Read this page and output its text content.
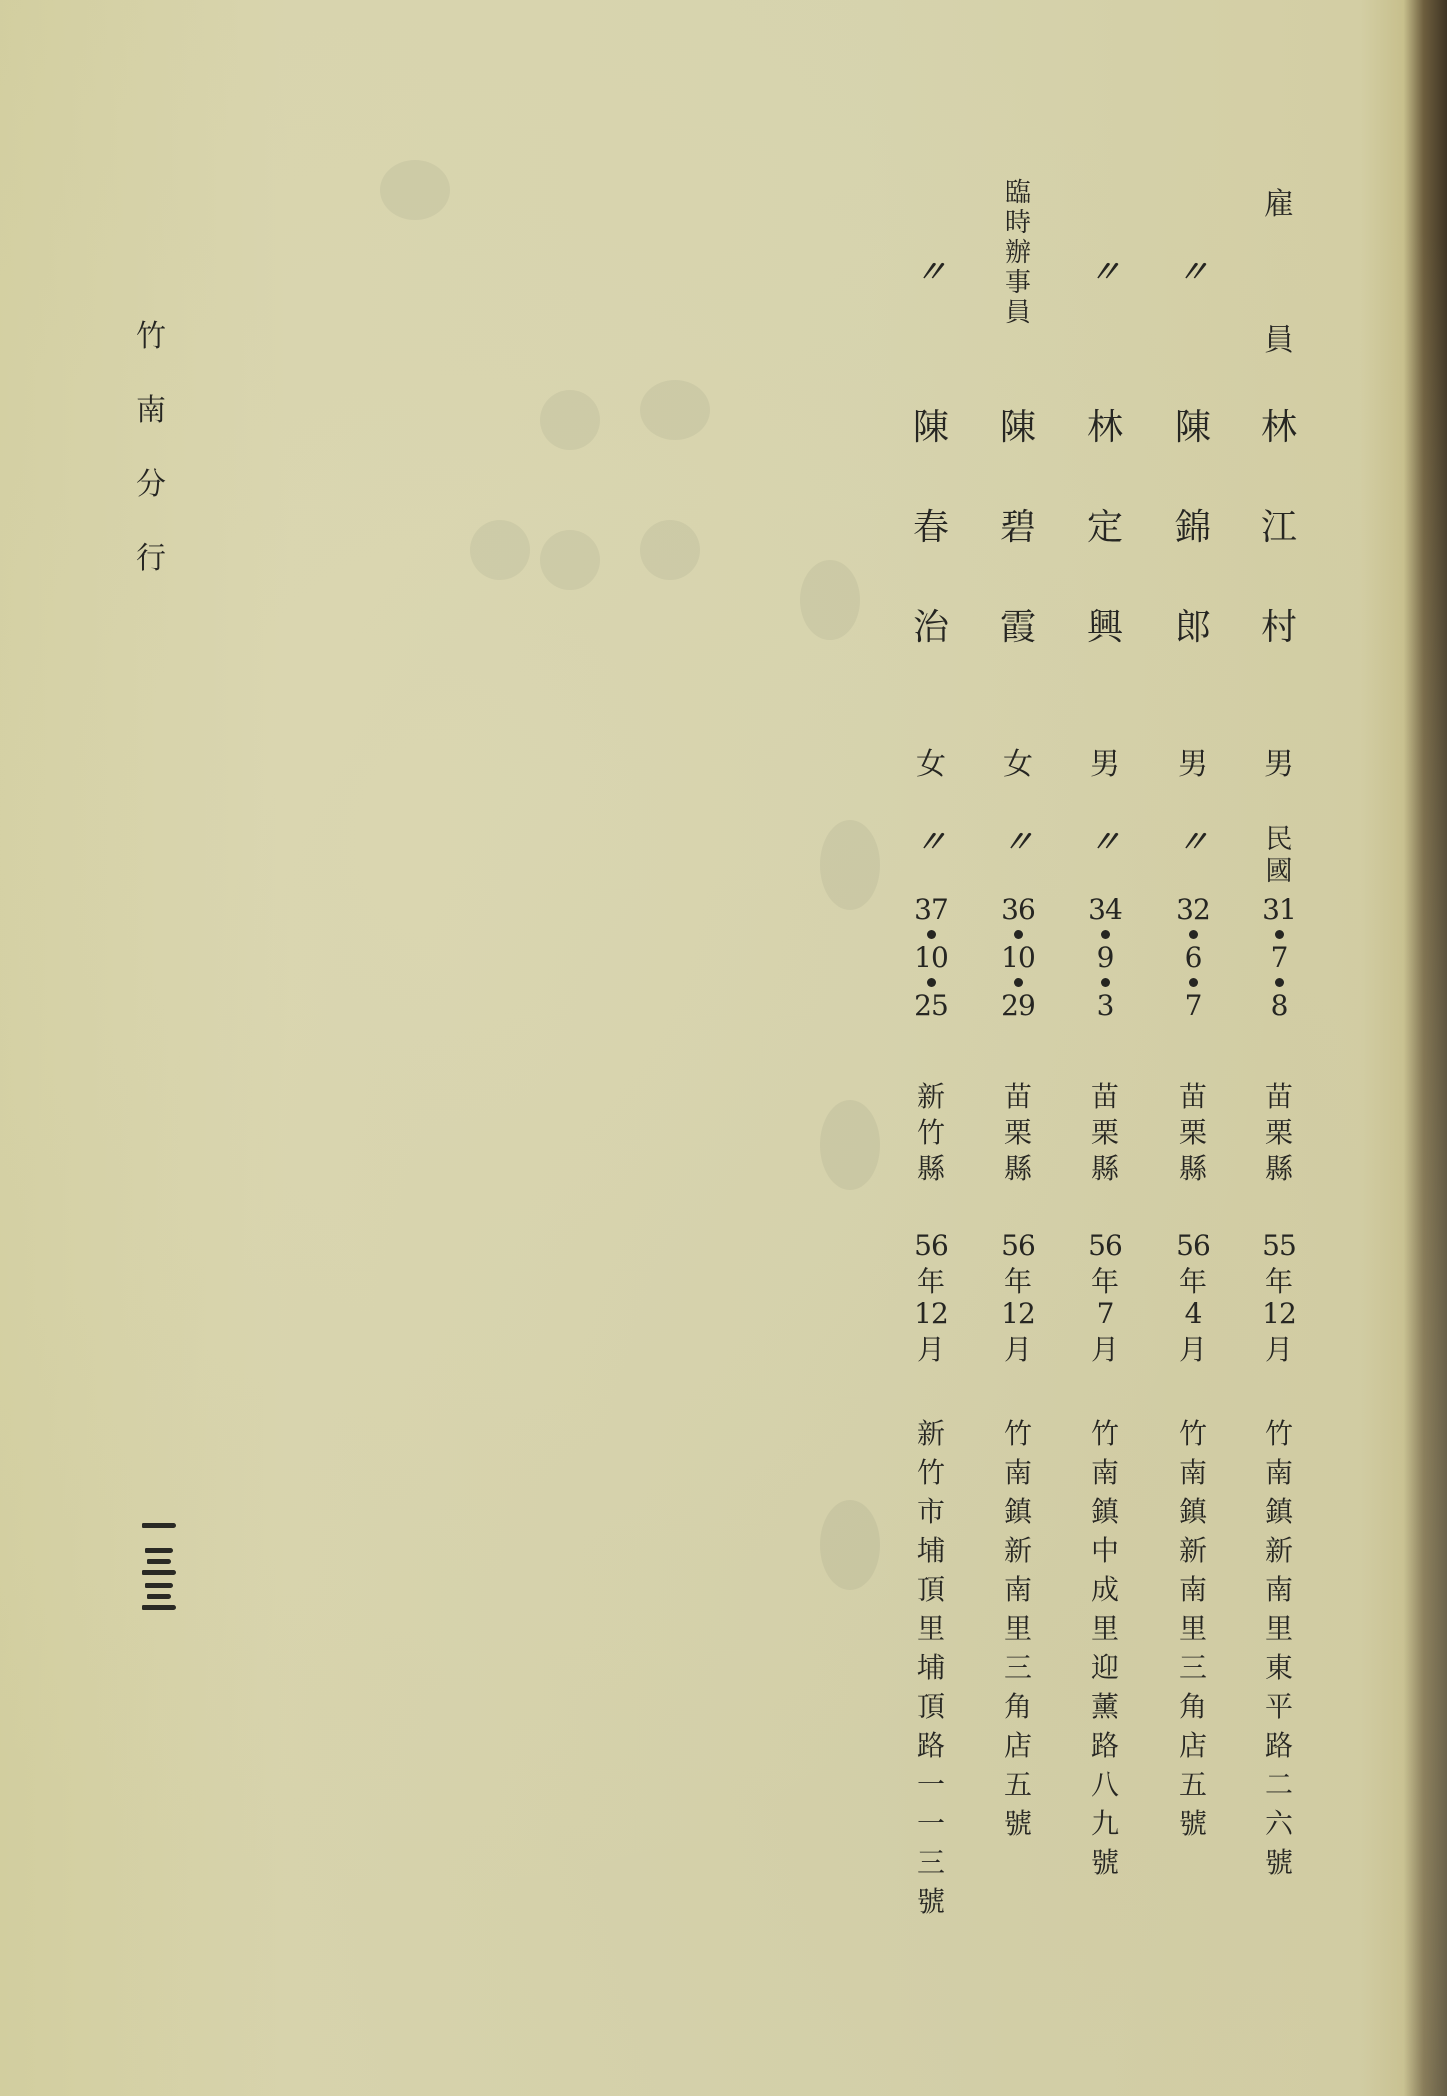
竹
南
分
行
雇
員
林
江
村
男
民
國
31
7
8
苗
栗
縣
55
年
12
月
竹
南
鎮
新
南
里
東
平
路
二
六
號
〃
陳
錦
郎
男
〃
32
6
7
苗
栗
縣
56
年
4
月
竹
南
鎮
新
南
里
三
角
店
五
號
〃
林
定
興
男
〃
34
9
3
苗
栗
縣
56
年
7
月
竹
南
鎮
中
成
里
迎
薰
路
八
九
號
臨
時
辦
事
員
陳
碧
霞
女
〃
36
10
29
苗
栗
縣
56
年
12
月
竹
南
鎮
新
南
里
三
角
店
五
號
〃
陳
春
治
女
〃
37
10
25
新
竹
縣
56
年
12
月
新
竹
市
埔
頂
里
埔
頂
路
一
一
三
號
